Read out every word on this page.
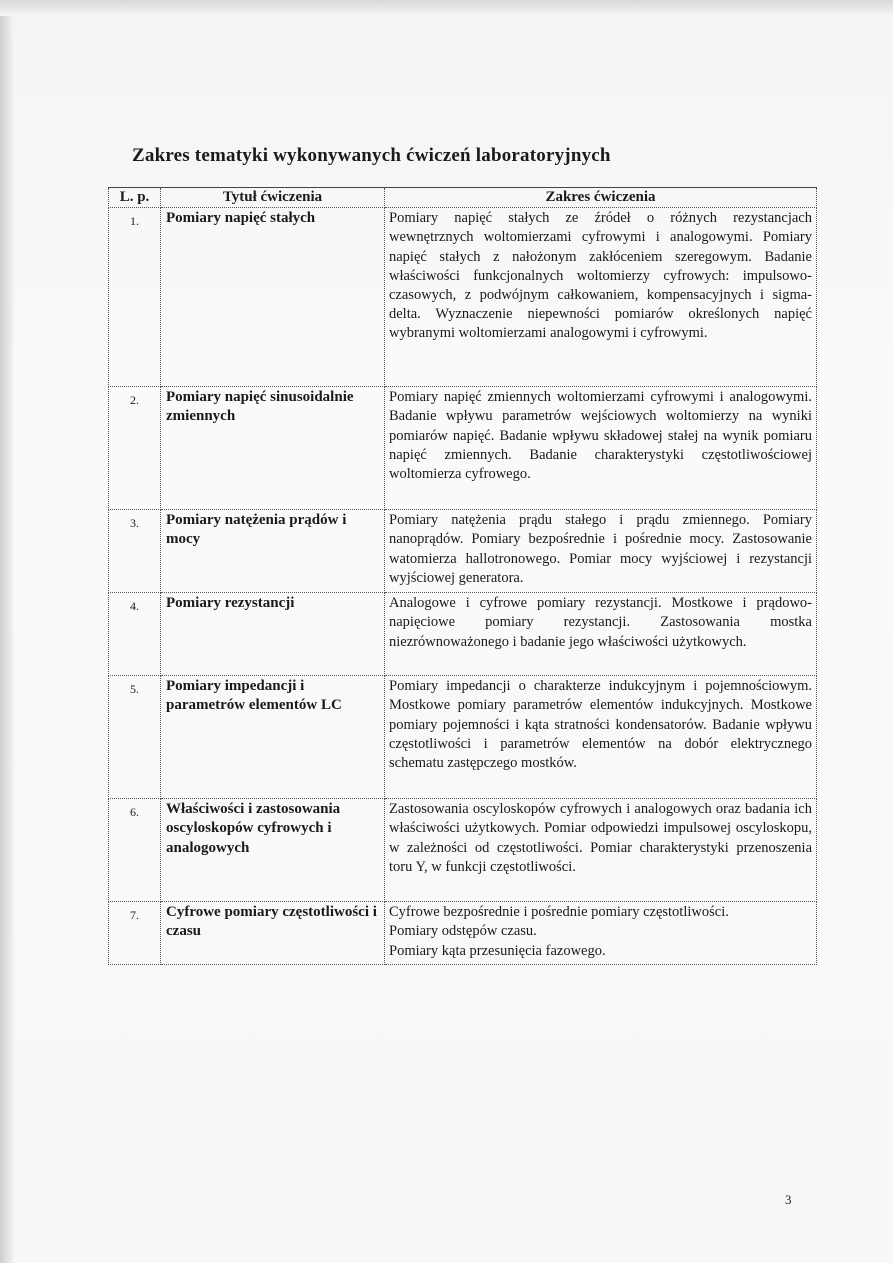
Zakres tematyki wykonywanych ćwiczeń laboratoryjnych
L. p.	Tytuł ćwiczenia	Zakres ćwiczenia
1.	Pomiary napięć stałych	Pomiary napięć stałych ze źródeł o różnych rezystancjach wewnętrznych woltomierzami cyfrowymi i analogowymi. Pomiary napięć stałych z nałożonym zakłóceniem szeregowym. Badanie właściwości funkcjonalnych woltomierzy cyfrowych: impulsowo-czasowych, z podwójnym całkowaniem, kompensacyjnych i sigma-delta. Wyznaczenie niepewności pomiarów określonych napięć wybranymi woltomierzami analogowymi i cyfrowymi.
2.	Pomiary napięć sinusoidalnie zmiennych	Pomiary napięć zmiennych woltomierzami cyfrowymi i analogowymi. Badanie wpływu parametrów wejściowych woltomierzy na wyniki pomiarów napięć. Badanie wpływu składowej stałej na wynik pomiaru napięć zmiennych. Badanie charakterystyki częstotliwościowej woltomierza cyfrowego.
3.	Pomiary natężenia prądów i mocy	Pomiary natężenia prądu stałego i prądu zmiennego. Pomiary nanoprądów. Pomiary bezpośrednie i pośrednie mocy. Zastosowanie watomierza hallotronowego. Pomiar mocy wyjściowej i rezystancji wyjściowej generatora.
4.	Pomiary rezystancji	Analogowe i cyfrowe pomiary rezystancji. Mostkowe i prądowo-napięciowe pomiary rezystancji. Zastosowania mostka niezrównoważonego i badanie jego właściwości użytkowych.
5.	Pomiary impedancji i parametrów elementów LC	Pomiary impedancji o charakterze indukcyjnym i pojemnościowym. Mostkowe pomiary parametrów elementów indukcyjnych. Mostkowe pomiary pojemności i kąta stratności kondensatorów. Badanie wpływu częstotliwości i parametrów elementów na dobór elektrycznego schematu zastępczego mostków.
6.	Właściwości i zastosowania oscyloskopów cyfrowych i analogowych	Zastosowania oscyloskopów cyfrowych i analogowych oraz badania ich właściwości użytkowych. Pomiar odpowiedzi impulsowej oscyloskopu, w zależności od częstotliwości. Pomiar charakterystyki przenoszenia toru Y, w funkcji częstotliwości.
7.	Cyfrowe pomiary częstotliwości i czasu	Cyfrowe bezpośrednie i pośrednie pomiary częstotliwości.
Pomiary odstępów czasu.
Pomiary kąta przesunięcia fazowego.
3
